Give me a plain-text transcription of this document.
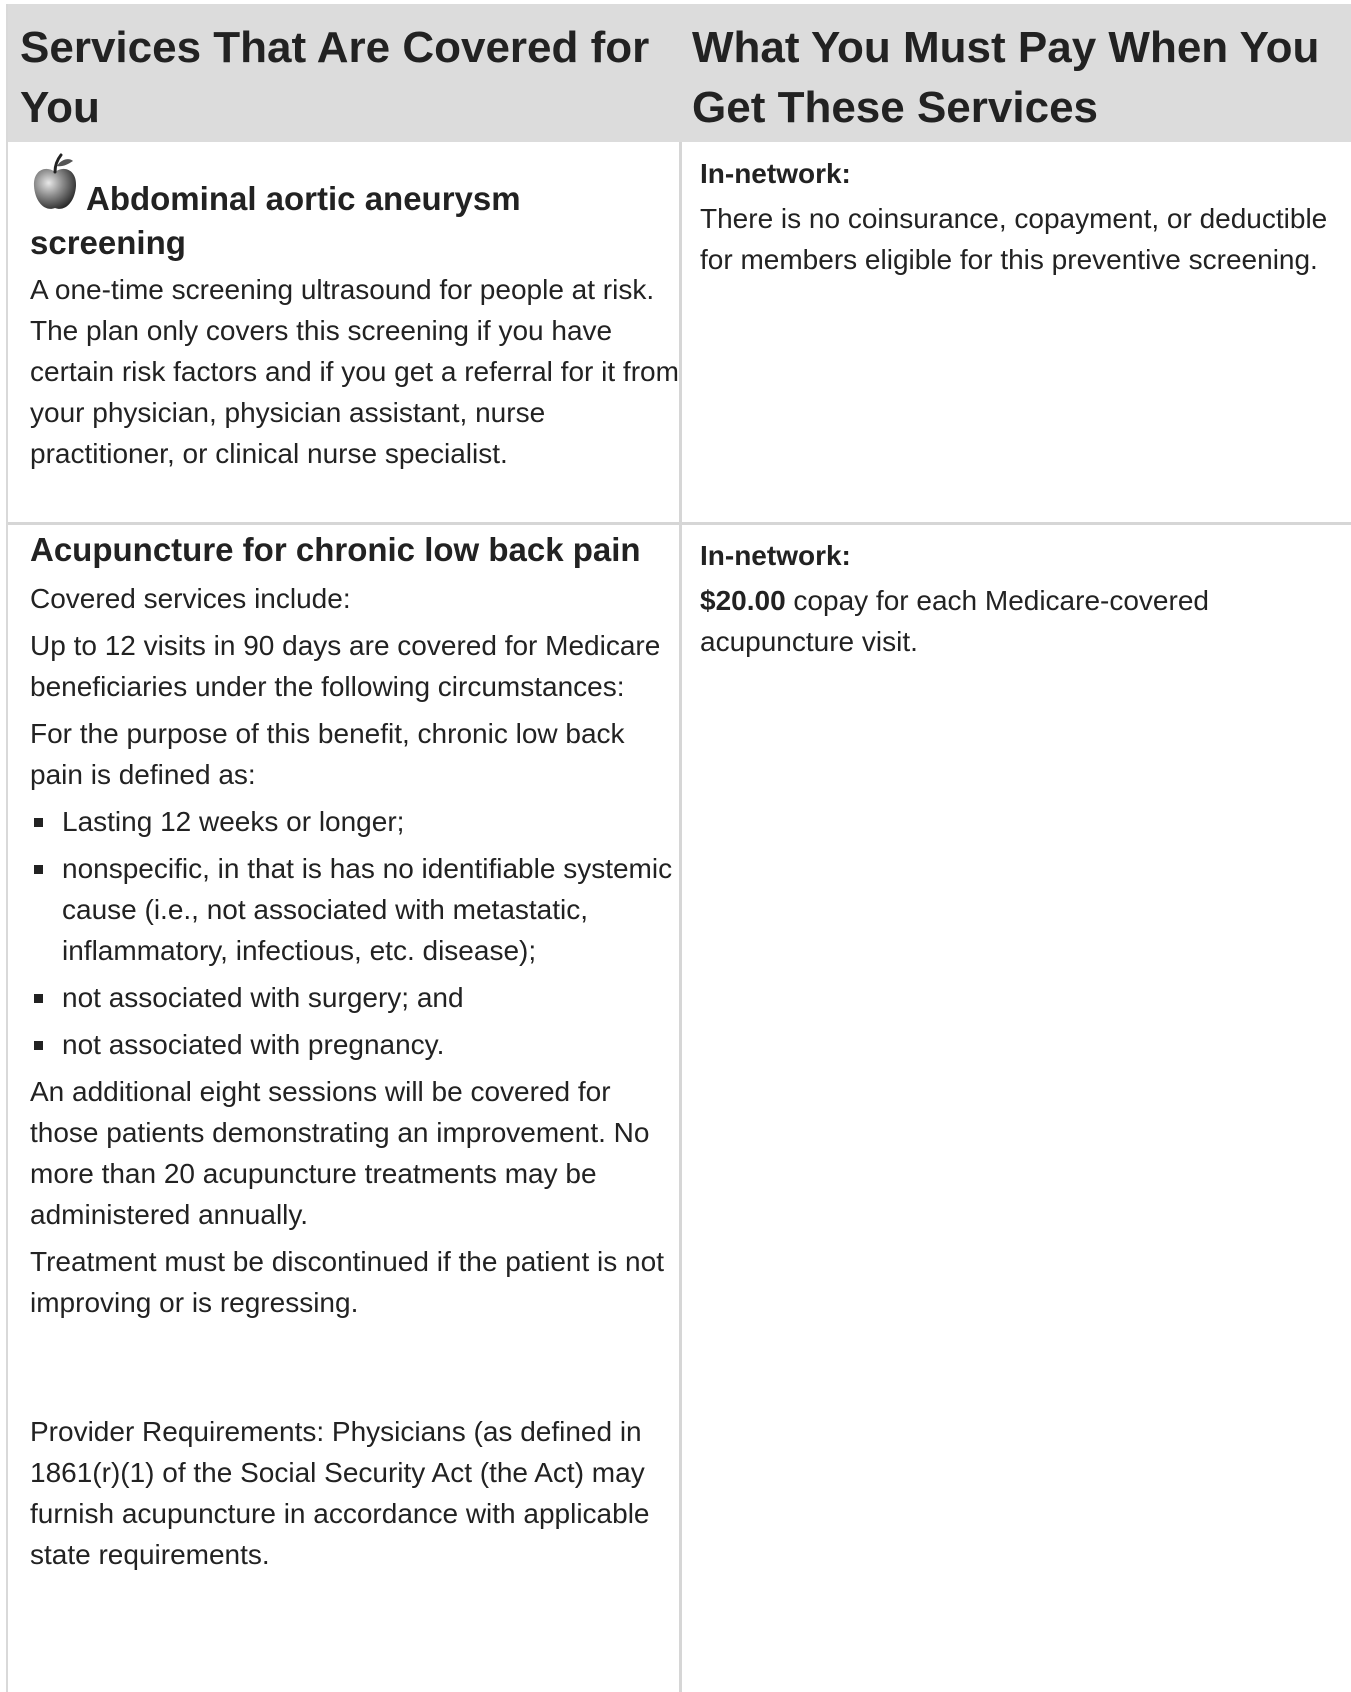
Services That Are Covered for You
What You Must Pay When You Get These Services
Abdominal aortic aneurysm screening

A one-time screening ultrasound for people at risk. The plan only covers this screening if you have certain risk factors and if you get a referral for it from your physician, physician assistant, nurse practitioner, or clinical nurse specialist.

In-network:

There is no coinsurance, copayment, or deductible for members eligible for this preventive screening.

Acupuncture for chronic low back pain

Covered services include:

Up to 12 visits in 90 days are covered for Medicare beneficiaries under the following circumstances:

For the purpose of this benefit, chronic low back pain is defined as:

Lasting 12 weeks or longer;
nonspecific, in that is has no identifiable systemic cause (i.e., not associated with metastatic, inflammatory, infectious, etc. disease);
not associated with surgery; and
not associated with pregnancy.

An additional eight sessions will be covered for those patients demonstrating an improvement. No more than 20 acupuncture treatments may be administered annually.

Treatment must be discontinued if the patient is not improving or is regressing.

Provider Requirements: Physicians (as defined in 1861(r)(1) of the Social Security Act (the Act) may furnish acupuncture in accordance with applicable state requirements.

In-network:

$20.00 copay for each Medicare-covered acupuncture visit.
